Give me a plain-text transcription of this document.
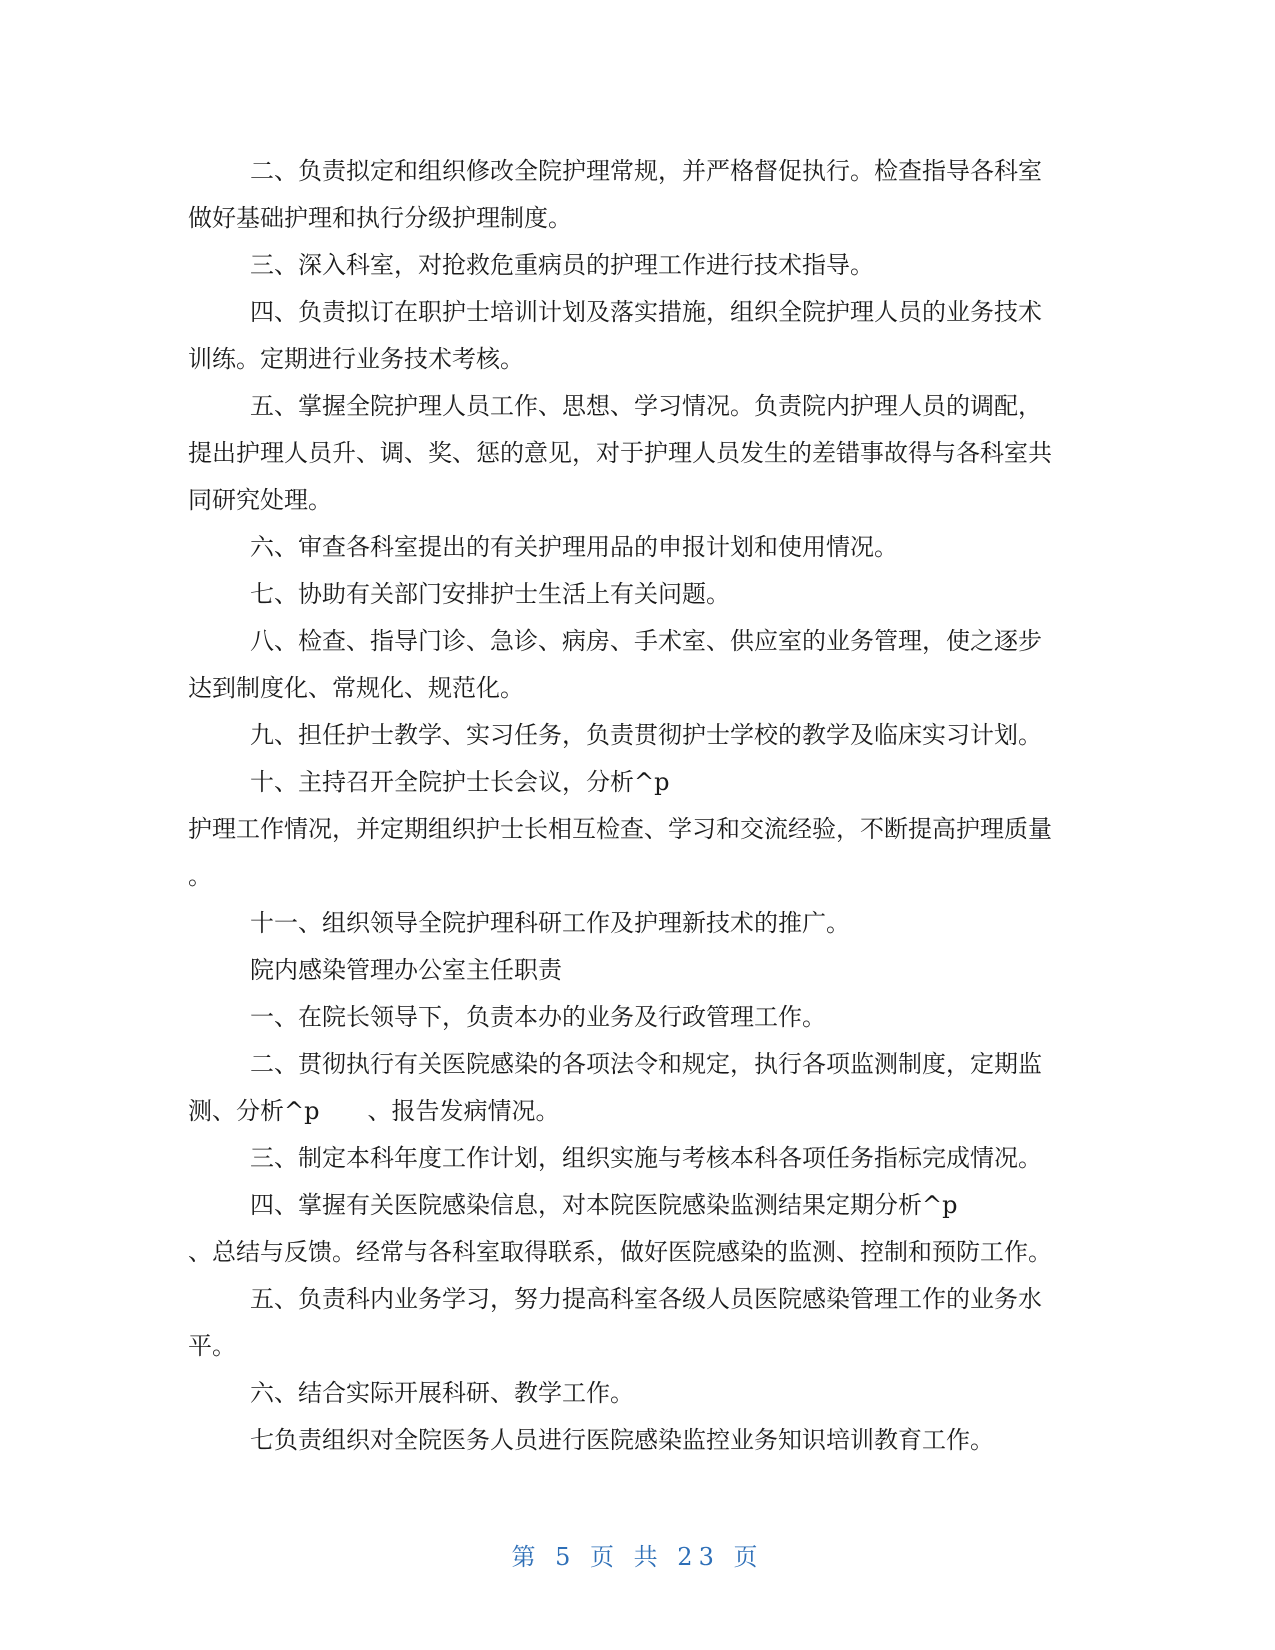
二、负责拟定和组织修改全院护理常规，并严格督促执行。检查指导各科室
做好基础护理和执行分级护理制度。
三、深入科室，对抢救危重病员的护理工作进行技术指导。
四、负责拟订在职护士培训计划及落实措施，组织全院护理人员的业务技术
训练。定期进行业务技术考核。
五、掌握全院护理人员工作、思想、学习情况。负责院内护理人员的调配，
提出护理人员升、调、奖、惩的意见，对于护理人员发生的差错事故得与各科室共
同研究处理。
六、审查各科室提出的有关护理用品的申报计划和使用情况。
七、协助有关部门安排护士生活上有关问题。
八、检查、指导门诊、急诊、病房、手术室、供应室的业务管理，使之逐步
达到制度化、常规化、规范化。
九、担任护士教学、实习任务，负责贯彻护士学校的教学及临床实习计划。
十、主持召开全院护士长会议，分析^p
护理工作情况，并定期组织护士长相互检查、学习和交流经验，不断提高护理质量
。
十一、组织领导全院护理科研工作及护理新技术的推广。
院内感染管理办公室主任职责
一、在院长领导下，负责本办的业务及行政管理工作。
二、贯彻执行有关医院感染的各项法令和规定，执行各项监测制度，定期监
测、分析^p　　、报告发病情况。
三、制定本科年度工作计划，组织实施与考核本科各项任务指标完成情况。
四、掌握有关医院感染信息，对本院医院感染监测结果定期分析^p
、总结与反馈。经常与各科室取得联系，做好医院感染的监测、控制和预防工作。
五、负责科内业务学习，努力提高科室各级人员医院感染管理工作的业务水
平。
六、结合实际开展科研、教学工作。
七负责组织对全院医务人员进行医院感染监控业务知识培训教育工作。
第 5 页 共 23 页
